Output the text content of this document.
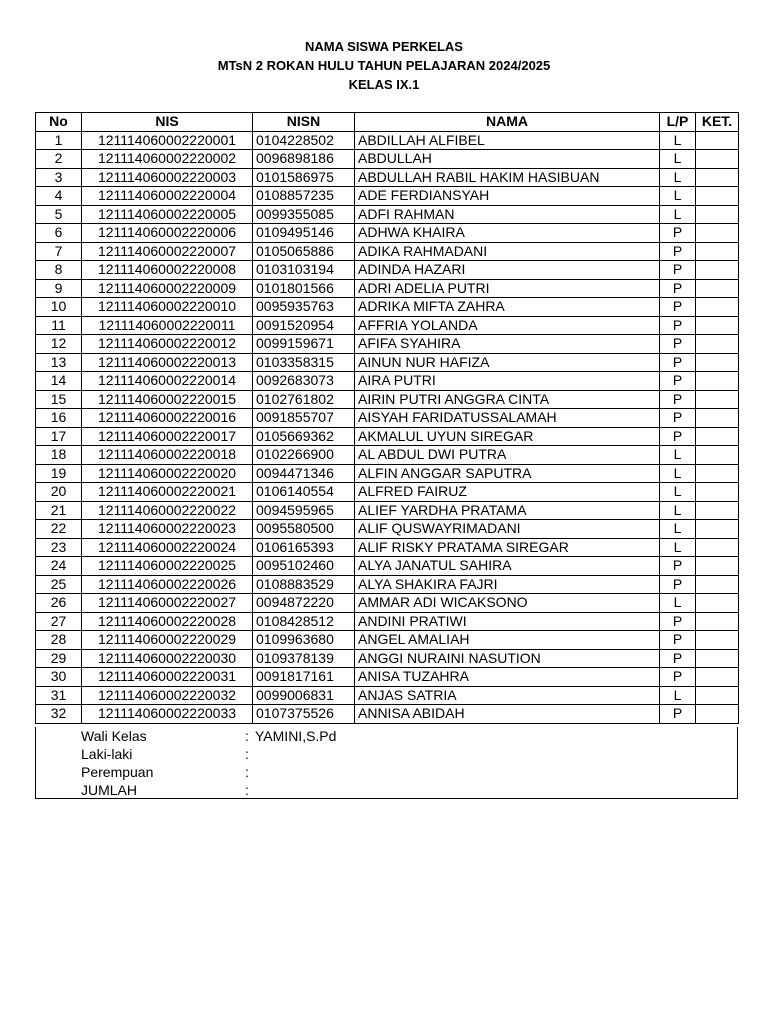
NAMA SISWA PERKELAS
MTsN 2 ROKAN HULU TAHUN PELAJARAN 2024/2025
KELAS IX.1
No	NIS	NISN	NAMA	L/P	KET.
1	121114060002220001	0104228502	ABDILLAH ALFIBEL	L	
2	121114060002220002	0096898186	ABDULLAH	L	
3	121114060002220003	0101586975	ABDULLAH RABIL HAKIM HASIBUAN	L	
4	121114060002220004	0108857235	ADE FERDIANSYAH	L	
5	121114060002220005	0099355085	ADFI RAHMAN	L	
6	121114060002220006	0109495146	ADHWA KHAIRA	P	
7	121114060002220007	0105065886	ADIKA RAHMADANI	P	
8	121114060002220008	0103103194	ADINDA HAZARI	P	
9	121114060002220009	0101801566	ADRI ADELIA PUTRI	P	
10	121114060002220010	0095935763	ADRIKA MIFTA ZAHRA	P	
11	121114060002220011	0091520954	AFFRIA YOLANDA	P	
12	121114060002220012	0099159671	AFIFA SYAHIRA	P	
13	121114060002220013	0103358315	AINUN NUR HAFIZA	P	
14	121114060002220014	0092683073	AIRA PUTRI	P	
15	121114060002220015	0102761802	AIRIN PUTRI ANGGRA CINTA	P	
16	121114060002220016	0091855707	AISYAH FARIDATUSSALAMAH	P	
17	121114060002220017	0105669362	AKMALUL UYUN SIREGAR	P	
18	121114060002220018	0102266900	AL ABDUL DWI PUTRA	L	
19	121114060002220020	0094471346	ALFIN ANGGAR SAPUTRA	L	
20	121114060002220021	0106140554	ALFRED FAIRUZ	L	
21	121114060002220022	0094595965	ALIEF YARDHA PRATAMA	L	
22	121114060002220023	0095580500	ALIF QUSWAYRIMADANI	L	
23	121114060002220024	0106165393	ALIF RISKY PRATAMA SIREGAR	L	
24	121114060002220025	0095102460	ALYA JANATUL SAHIRA	P	
25	121114060002220026	0108883529	ALYA SHAKIRA FAJRI	P	
26	121114060002220027	0094872220	AMMAR ADI WICAKSONO	L	
27	121114060002220028	0108428512	ANDINI PRATIWI	P	
28	121114060002220029	0109963680	ANGEL AMALIAH	P	
29	121114060002220030	0109378139	ANGGI NURAINI NASUTION	P	
30	121114060002220031	0091817161	ANISA TUZAHRA	P	
31	121114060002220032	0099006831	ANJAS SATRIA	L	
32	121114060002220033	0107375526	ANNISA ABIDAH	P	
Wali Kelas	: YAMINI,S.Pd
Laki-laki	:
Perempuan	:
JUMLAH	:
